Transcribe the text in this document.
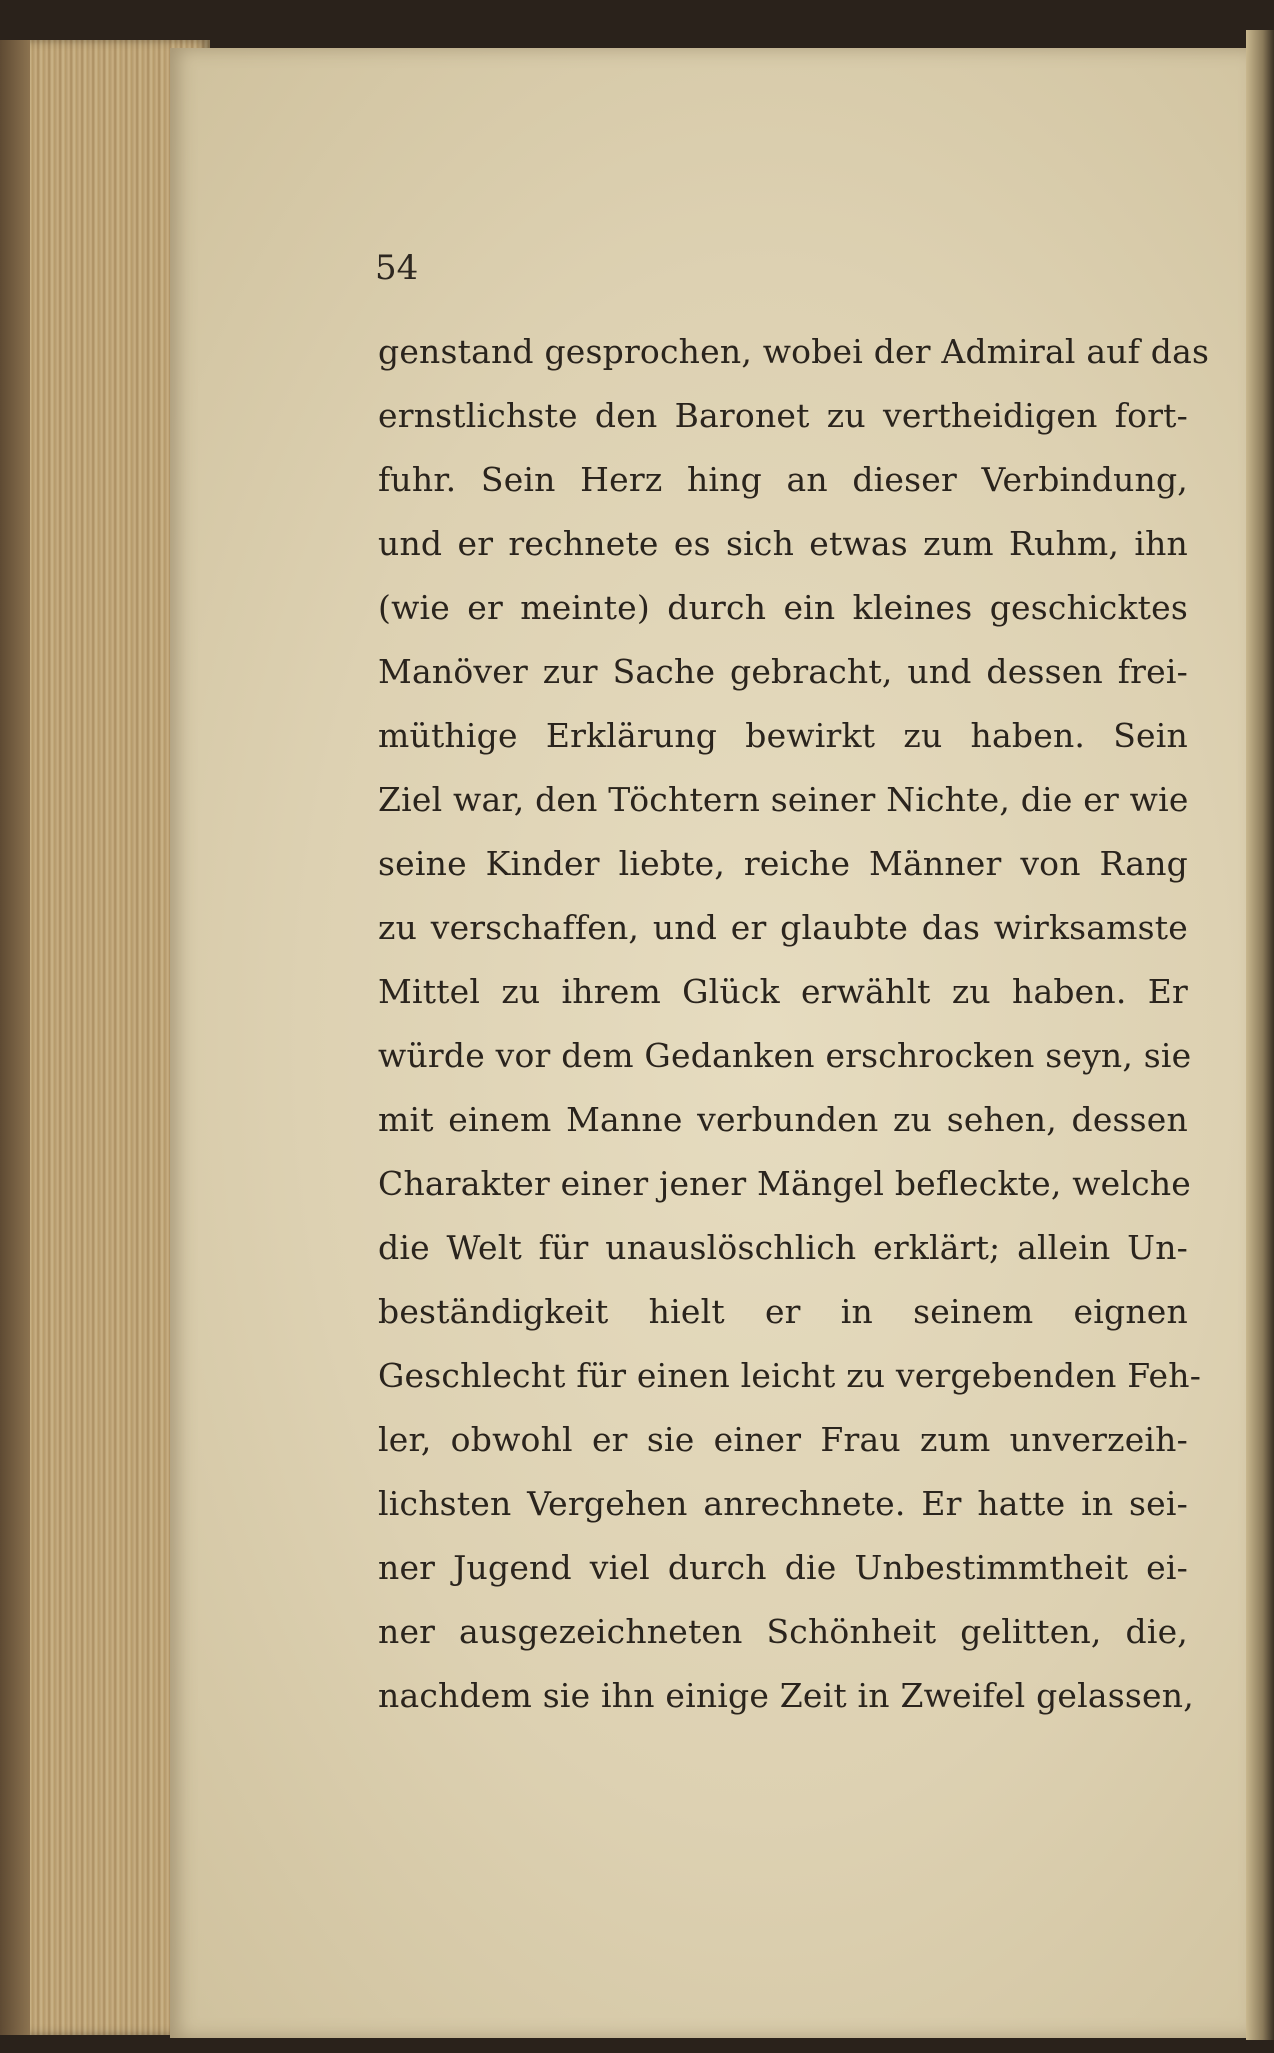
54
genstand gesprochen, wobei der Admiral auf das
ernstlichste den Baronet zu vertheidigen fort-
fuhr. Sein Herz hing an dieser Verbindung,
und er rechnete es sich etwas zum Ruhm, ihn
(wie er meinte) durch ein kleines geschicktes
Manöver zur Sache gebracht, und dessen frei-
müthige Erklärung bewirkt zu haben. Sein
Ziel war, den Töchtern seiner Nichte, die er wie
seine Kinder liebte, reiche Männer von Rang
zu verschaffen, und er glaubte das wirksamste
Mittel zu ihrem Glück erwählt zu haben. Er
würde vor dem Gedanken erschrocken seyn, sie
mit einem Manne verbunden zu sehen, dessen
Charakter einer jener Mängel befleckte, welche
die Welt für unauslöschlich erklärt; allein Un-
beständigkeit hielt er in seinem eignen
Geschlecht für einen leicht zu vergebenden Feh-
ler, obwohl er sie einer Frau zum unverzeih-
lichsten Vergehen anrechnete. Er hatte in sei-
ner Jugend viel durch die Unbestimmtheit ei-
ner ausgezeichneten Schönheit gelitten, die,
nachdem sie ihn einige Zeit in Zweifel gelassen,
